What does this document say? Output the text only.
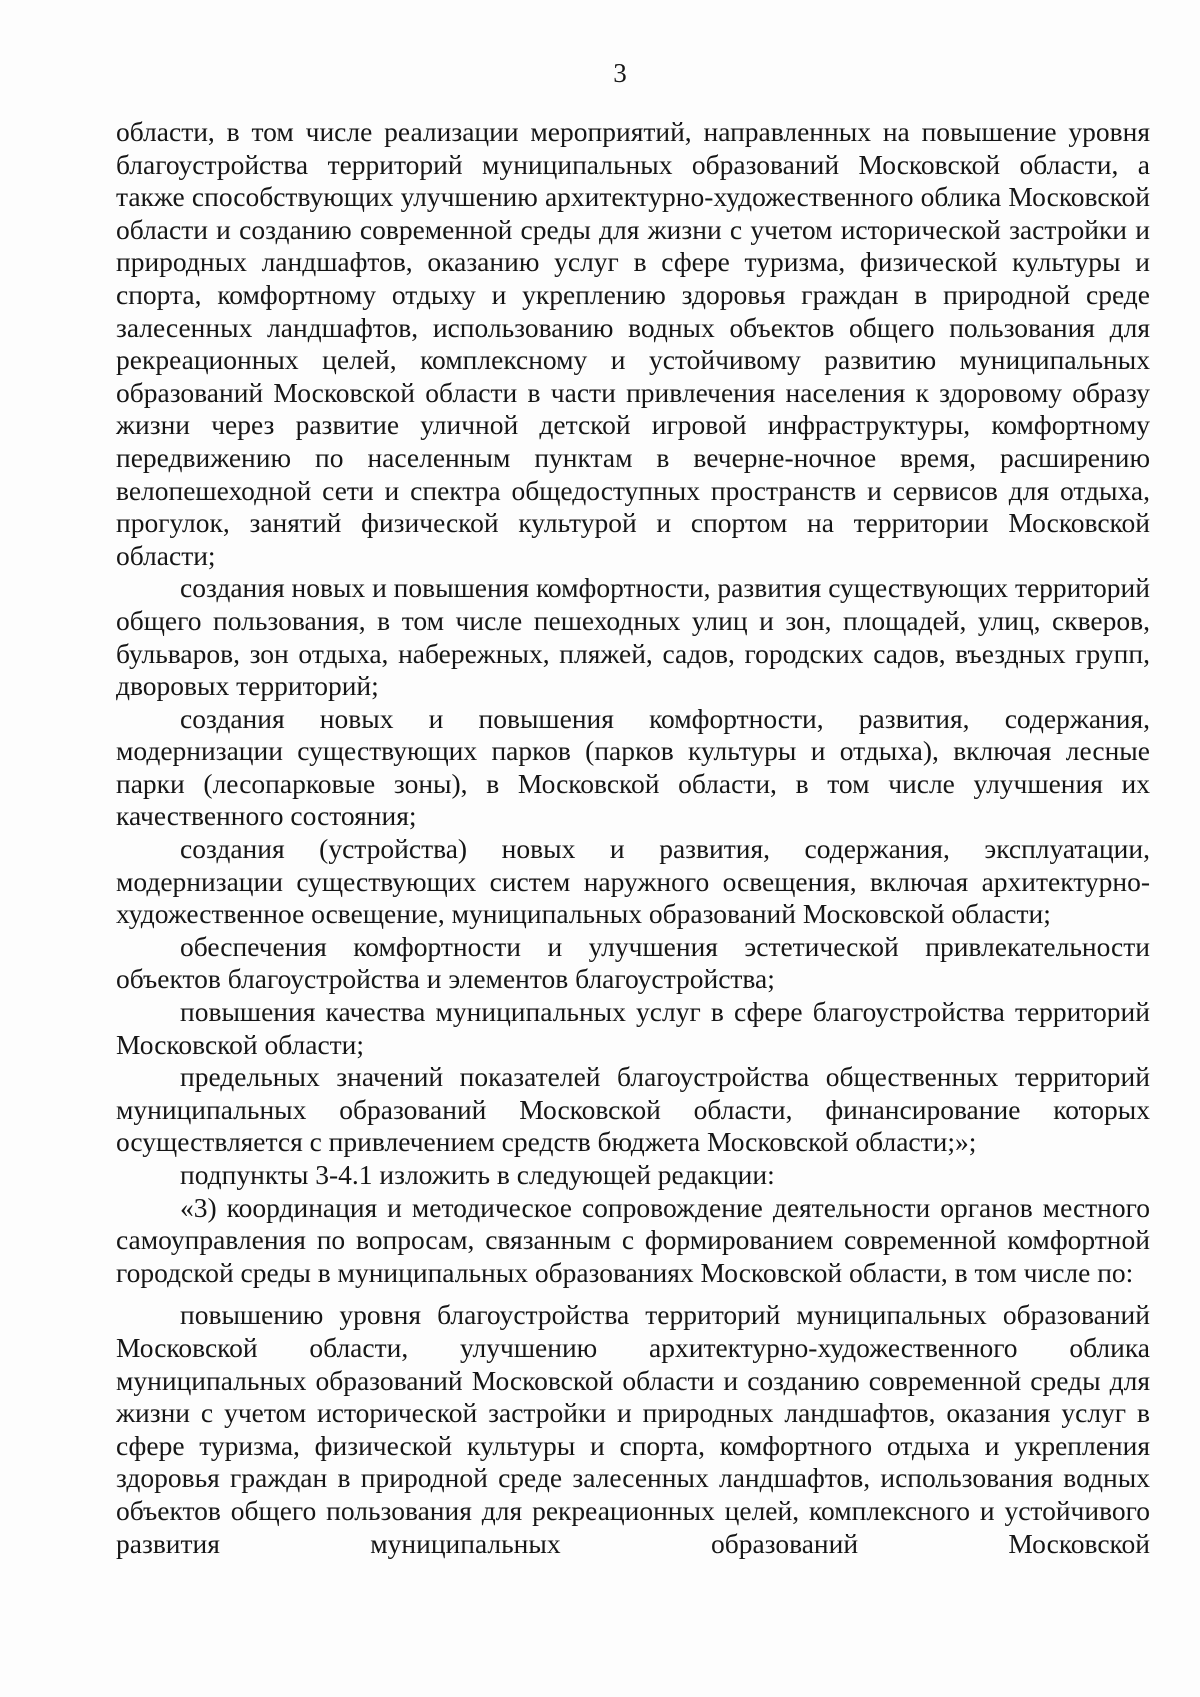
3

области, в том числе реализации мероприятий, направленных на повышение уровня благоустройства территорий муниципальных образований Московской области, а также способствующих улучшению архитектурно-художественного облика Московской области и созданию современной среды для жизни с учетом исторической застройки и природных ландшафтов, оказанию услуг в сфере туризма, физической культуры и спорта, комфортному отдыху и укреплению здоровья граждан в природной среде залесенных ландшафтов, использованию водных объектов общего пользования для рекреационных целей, комплексному и устойчивому развитию муниципальных образований Московской области в части привлечения населения к здоровому образу жизни через развитие уличной детской игровой инфраструктуры, комфортному передвижению по населенным пунктам в вечерне-ночное время, расширению велопешеходной сети и спектра общедоступных пространств и сервисов для отдыха, прогулок, занятий физической культурой и спортом на территории Московской области;

создания новых и повышения комфортности, развития существующих территорий общего пользования, в том числе пешеходных улиц и зон, площадей, улиц, скверов, бульваров, зон отдыха, набережных, пляжей, садов, городских садов, въездных групп, дворовых территорий;

создания новых и повышения комфортности, развития, содержания, модернизации существующих парков (парков культуры и отдыха), включая лесные парки (лесопарковые зоны), в Московской области, в том числе улучшения их качественного состояния;

создания (устройства) новых и развития, содержания, эксплуатации, модернизации существующих систем наружного освещения, включая архитектурно-художественное освещение, муниципальных образований Московской области;

обеспечения комфортности и улучшения эстетической привлекательности объектов благоустройства и элементов благоустройства;

повышения качества муниципальных услуг в сфере благоустройства территорий Московской области;

предельных значений показателей благоустройства общественных территорий муниципальных образований Московской области, финансирование которых осуществляется с привлечением средств бюджета Московской области;»;

подпункты 3-4.1 изложить в следующей редакции:

«3) координация и методическое сопровождение деятельности органов местного самоуправления по вопросам, связанным с формированием современной комфортной городской среды в муниципальных образованиях Московской области, в том числе по:

повышению уровня благоустройства территорий муниципальных образований Московской области, улучшению архитектурно-художественного облика муниципальных образований Московской области и созданию современной среды для жизни с учетом исторической застройки и природных ландшафтов, оказания услуг в сфере туризма, физической культуры и спорта, комфортного отдыха и укрепления здоровья граждан в природной среде залесенных ландшафтов, использования водных объектов общего пользования для рекреационных целей, комплексного и устойчивого развития муниципальных образований Московской
